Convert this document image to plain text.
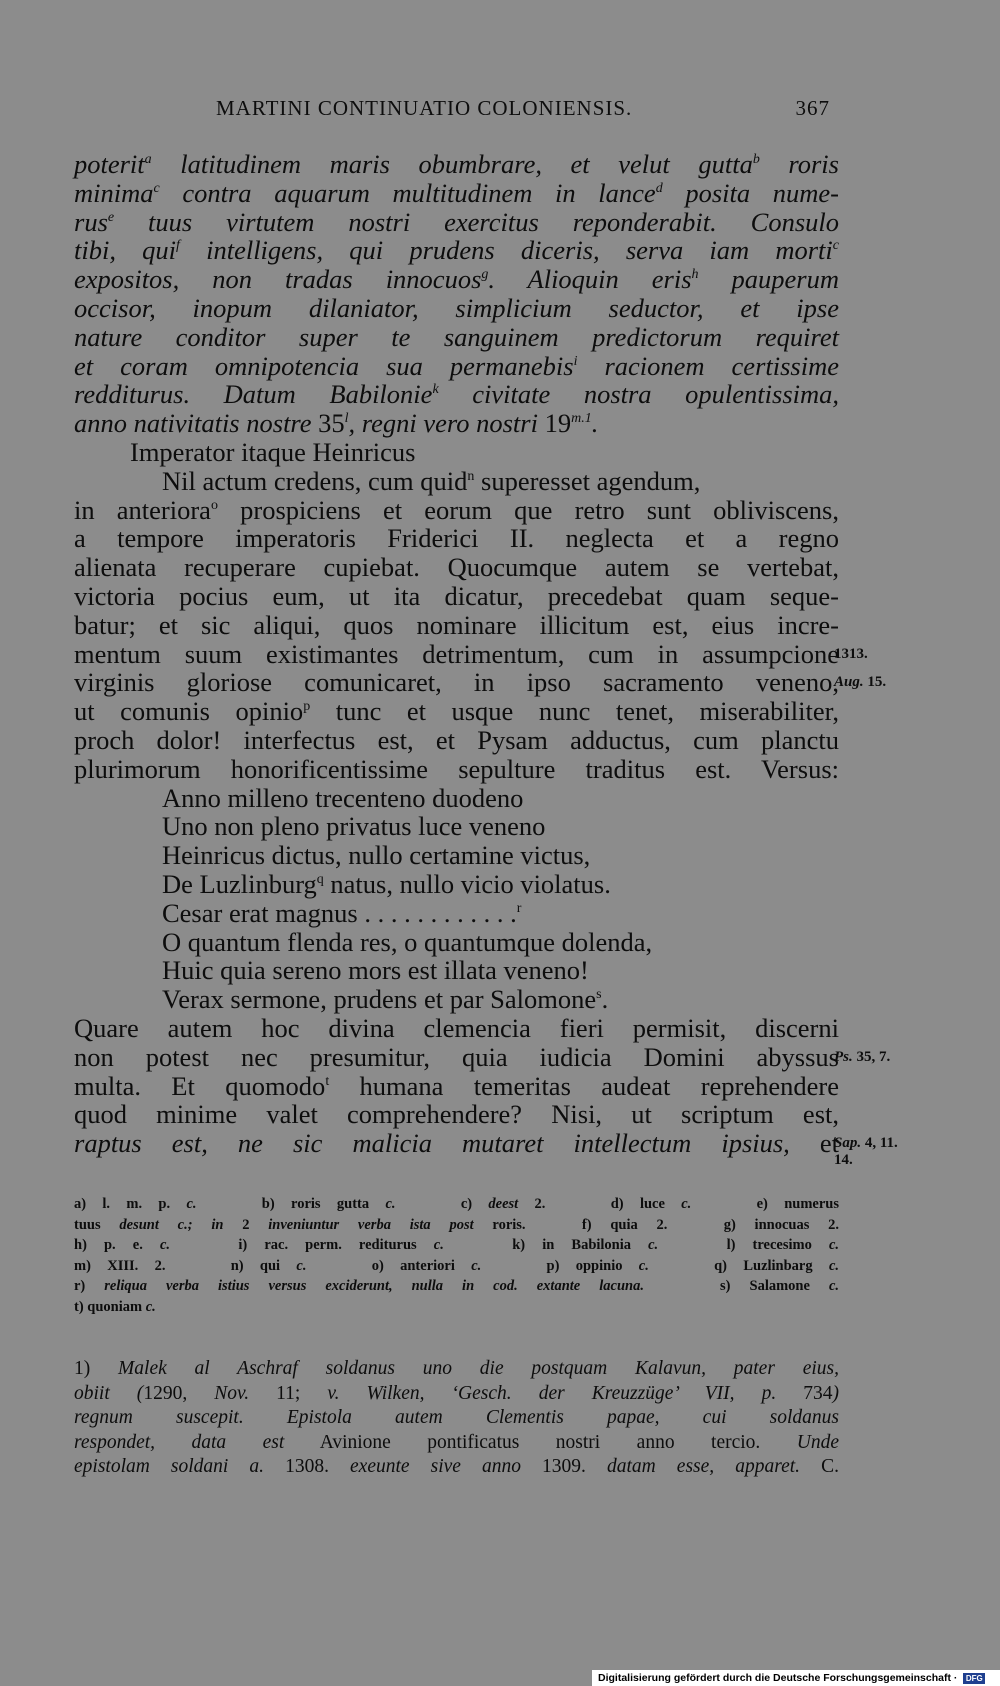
MARTINI CONTINUATIO COLONIENSIS.	367
poterit$^a$ latitudinem maris obumbrare, et velut gutta$^b$ roris
minima$^c$ contra aquarum multitudinem in lance$^d$ posita nume-
rus$^e$ tuus virtutem nostri exercitus reponderabit. Consulo
tibi, qui$^f$ intelligens, qui prudens diceris, serva iam morti$^c$
expositos, non tradas innocuos$^g$. Alioquin eris$^h$ pauperum
occisor, inopum dilaniator, simplicium seductor, et ipse
nature conditor super te sanguinem predictorum requiret
et coram omnipotencia sua permanebis$^i$ racionem certissime
redditurus. Datum Babilonie$^k$ civitate nostra opulentissima,
anno nativitatis nostre 35$^l$, regni vero nostri $19^{m.1}$.
Imperator itaque Heinricus
Nil actum credens, cum quid$^n$ superesset agendum,
in anteriora$^o$ prospiciens et eorum que retro sunt obliviscens,
a tempore imperatoris Friderici II. neglecta et a regno
alienata recuperare cupiebat. Quocumque autem se vertebat,
victoria pocius eum, ut ita dicatur, precedebat quam seque-
batur; et sic aliqui, quos nominare illicitum est, eius incre-
mentum suum existimantes detrimentum, cum in assumpcione
virginis gloriose comunicaret, in ipso sacramento veneno,
ut comunis opinio$^p$ tunc et usque nunc tenet, miserabiliter,
proch dolor! interfectus est, et Pysam adductus, cum planctu
plurimorum honorificentissime sepulture traditus est. Versus:
Anno milleno trecenteno duodeno
Uno non pleno privatus luce veneno
Heinricus dictus, nullo certamine victus,
De Luzlinburg$^q$ natus, nullo vicio violatus.
Cesar erat magnus . . . . . . . . . . . .$^r$
O quantum flenda res, o quantumque dolenda,
Huic quia sereno mors est illata veneno!
Verax sermone, prudens et par Salomone$^s$.
Quare autem hoc divina clemencia fieri permisit, discerni
non potest nec presumitur, quia iudicia Domini abyssus
multa. Et quomodo$^t$ humana temeritas audeat reprehendere
quod minime valet comprehendere? Nisi, ut scriptum est,
raptus est, ne sic malicia mutaret intellectum ipsius, et
1313.
Aug. 15.
Ps. 35, 7.
Sap. 4, 11.
14.
a) l. m. p. c.    b) roris gutta c.    c) deest 2.    d) luce c.    e) numerus
tuus desunt c.; in 2 inveniuntur verba ista post roris.   f) quia 2.   g) innocuas 2.
h) p. e. c.    i) rac. perm. rediturus c.    k) in Babilonia c.    l) trecesimo c.
m) XIII. 2.    n) qui c.    o) anteriori c.    p) oppinio c.    q) Luzlinbarg c.
r) reliqua verba istius versus exciderunt, nulla in cod. extante lacuna.    s) Salamone c.
t) quoniam c.
1) Malek al Aschraf soldanus uno die postquam Kalavun, pater eius,
obiit (1290, Nov. 11; v. Wilken, ‘Gesch. der Kreuzzüge’ VII, p. 734)
regnum suscepit. Epistola autem Clementis papae, cui soldanus
respondet, data est Avinione pontificatus nostri anno tercio. Unde
epistolam soldani a. 1308. exeunte sive anno 1309. datam esse, apparet. C.
Digitalisierung gefördert durch die Deutsche Forschungsgemeinschaft · DFG
